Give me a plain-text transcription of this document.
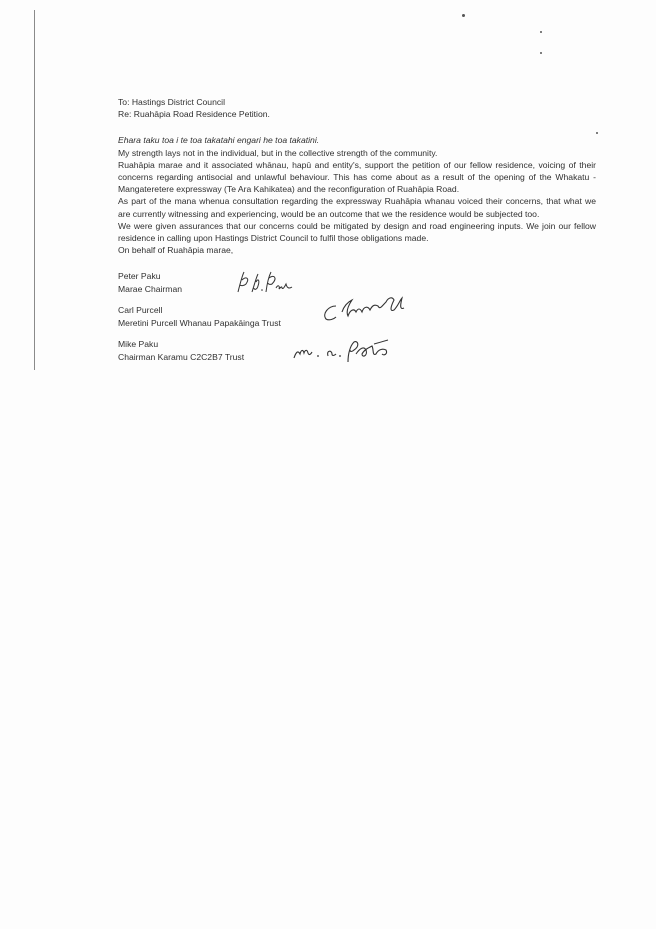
To: Hastings District Council

Re: Ruahāpia Road Residence Petition.

Ehara taku toa i te toa takatahi engari he toa takatini.

My strength lays not in the individual, but in the collective strength of the community.

Ruahāpia marae and it associated whānau, hapū and entity's, support the petition of our fellow residence, voicing of their concerns regarding antisocial and unlawful behaviour. This has come about as a result of the opening of the Whakatu - Mangateretere expressway (Te Ara Kahikatea) and the reconfiguration of Ruahāpia Road.

As part of the mana whenua consultation regarding the expressway Ruahāpia whanau voiced their concerns, that what we are currently witnessing and experiencing, would be an outcome that we the residence would be subjected too.

We were given assurances that our concerns could be mitigated by design and road engineering inputs. We join our fellow residence in calling upon Hastings District Council to fulfil those obligations made.

On behalf of Ruahāpia marae,

Peter Paku
Marae Chairman
Carl Purcell
Meretini Purcell Whanau Papakāinga Trust
Mike Paku
Chairman Karamu C2C2B7 Trust
